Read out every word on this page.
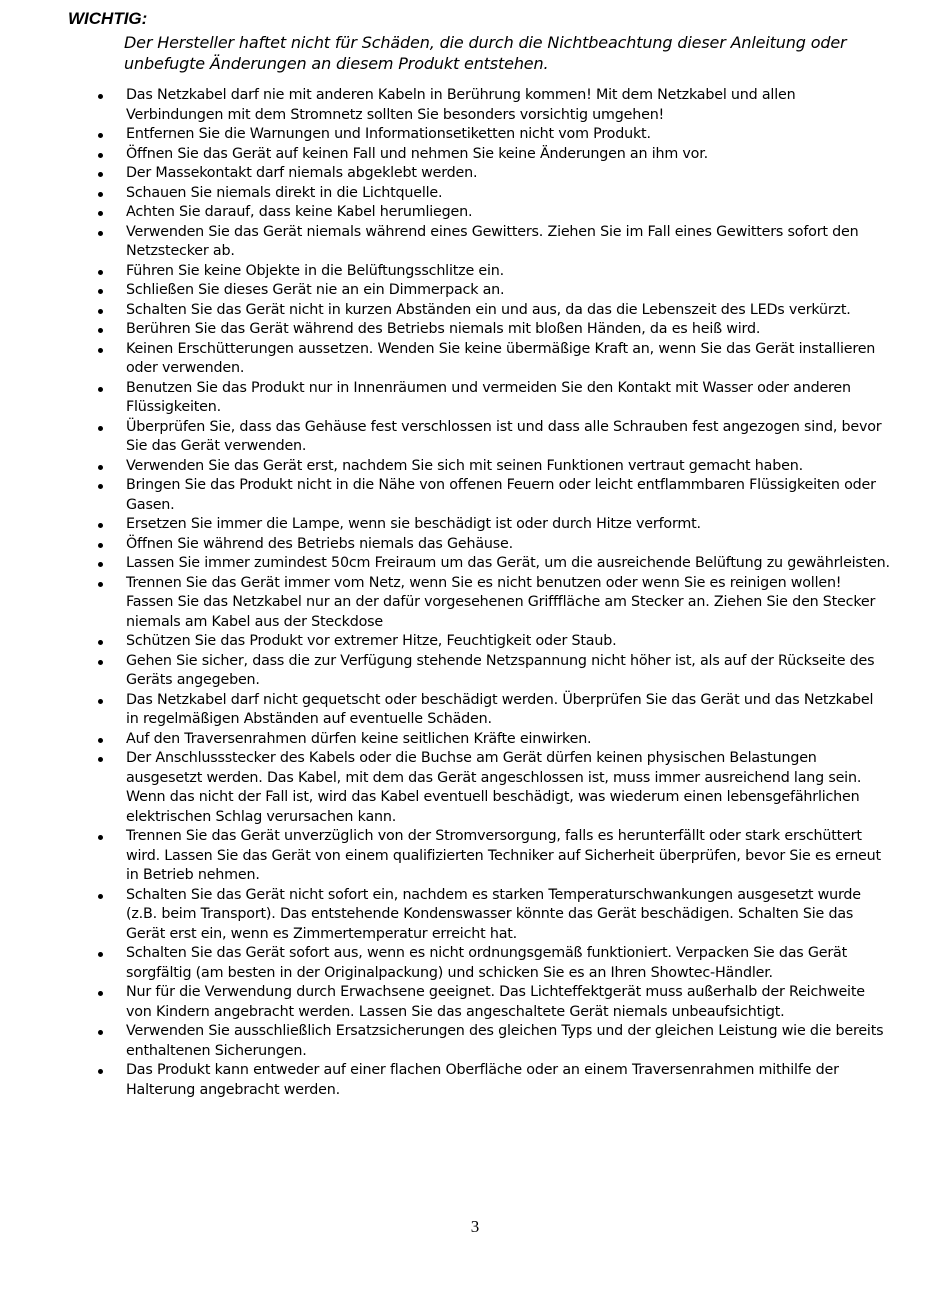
WICHTIG:

Der Hersteller haftet nicht für Schäden, die durch die Nichtbeachtung dieser Anleitung oder unbefugte Änderungen an diesem Produkt entstehen.

Das Netzkabel darf nie mit anderen Kabeln in Berührung kommen! Mit dem Netzkabel und allen Verbindungen mit dem Stromnetz sollten Sie besonders vorsichtig umgehen!
Entfernen Sie die Warnungen und Informationsetiketten nicht vom Produkt.
Öffnen Sie das Gerät auf keinen Fall und nehmen Sie keine Änderungen an ihm vor.
Der Massekontakt darf niemals abgeklebt werden.
Schauen Sie niemals direkt in die Lichtquelle.
Achten Sie darauf, dass keine Kabel herumliegen.
Verwenden Sie das Gerät niemals während eines Gewitters. Ziehen Sie im Fall eines Gewitters sofort den Netzstecker ab.
Führen Sie keine Objekte in die Belüftungsschlitze ein.
Schließen Sie dieses Gerät nie an ein Dimmerpack an.
Schalten Sie das Gerät nicht in kurzen Abständen ein und aus, da das die Lebenszeit des LEDs verkürzt.
Berühren Sie das Gerät während des Betriebs niemals mit bloßen Händen, da es heiß wird.
Keinen Erschütterungen aussetzen. Wenden Sie keine übermäßige Kraft an, wenn Sie das Gerät installieren oder verwenden.
Benutzen Sie das Produkt nur in Innenräumen und vermeiden Sie den Kontakt mit Wasser oder anderen Flüssigkeiten.
Überprüfen Sie, dass das Gehäuse fest verschlossen ist und dass alle Schrauben fest angezogen sind, bevor Sie das Gerät verwenden.
Verwenden Sie das Gerät erst, nachdem Sie sich mit seinen Funktionen vertraut gemacht haben.
Bringen Sie das Produkt nicht in die Nähe von offenen Feuern oder leicht entflammbaren Flüssigkeiten oder Gasen.
Ersetzen Sie immer die Lampe, wenn sie beschädigt ist oder durch Hitze verformt.
Öffnen Sie während des Betriebs niemals das Gehäuse.
Lassen Sie immer zumindest 50cm Freiraum um das Gerät, um die ausreichende Belüftung zu gewährleisten.
Trennen Sie das Gerät immer vom Netz, wenn Sie es nicht benutzen oder wenn Sie es reinigen wollen! Fassen Sie das Netzkabel nur an der dafür vorgesehenen Grifffläche am Stecker an. Ziehen Sie den Stecker niemals am Kabel aus der Steckdose
Schützen Sie das Produkt vor extremer Hitze, Feuchtigkeit oder Staub.
Gehen Sie sicher, dass die zur Verfügung stehende Netzspannung nicht höher ist, als auf der Rückseite des Geräts angegeben.
Das Netzkabel darf nicht gequetscht oder beschädigt werden. Überprüfen Sie das Gerät und das Netzkabel in regelmäßigen Abständen auf eventuelle Schäden.
Auf den Traversenrahmen dürfen keine seitlichen Kräfte einwirken.
Der Anschlussstecker des Kabels oder die Buchse am Gerät dürfen keinen physischen Belastungen ausgesetzt werden. Das Kabel, mit dem das Gerät angeschlossen ist, muss immer ausreichend lang sein. Wenn das nicht der Fall ist, wird das Kabel eventuell beschädigt, was wiederum einen lebensgefährlichen elektrischen Schlag verursachen kann.
Trennen Sie das Gerät unverzüglich von der Stromversorgung, falls es herunterfällt oder stark erschüttert wird. Lassen Sie das Gerät von einem qualifizierten Techniker auf Sicherheit überprüfen, bevor Sie es erneut in Betrieb nehmen.
Schalten Sie das Gerät nicht sofort ein, nachdem es starken Temperaturschwankungen ausgesetzt wurde (z.B. beim Transport). Das entstehende Kondenswasser könnte das Gerät beschädigen. Schalten Sie das Gerät erst ein, wenn es Zimmertemperatur erreicht hat.
Schalten Sie das Gerät sofort aus, wenn es nicht ordnungsgemäß funktioniert. Verpacken Sie das Gerät sorgfältig (am besten in der Originalpackung) und schicken Sie es an Ihren Showtec-Händler.
Nur für die Verwendung durch Erwachsene geeignet. Das Lichteffektgerät muss außerhalb der Reichweite von Kindern angebracht werden. Lassen Sie das angeschaltete Gerät niemals unbeaufsichtigt.
Verwenden Sie ausschließlich Ersatzsicherungen des gleichen Typs und der gleichen Leistung wie die bereits enthaltenen Sicherungen.
Das Produkt kann entweder auf einer flachen Oberfläche oder an einem Traversenrahmen mithilfe der Halterung angebracht werden.
3
